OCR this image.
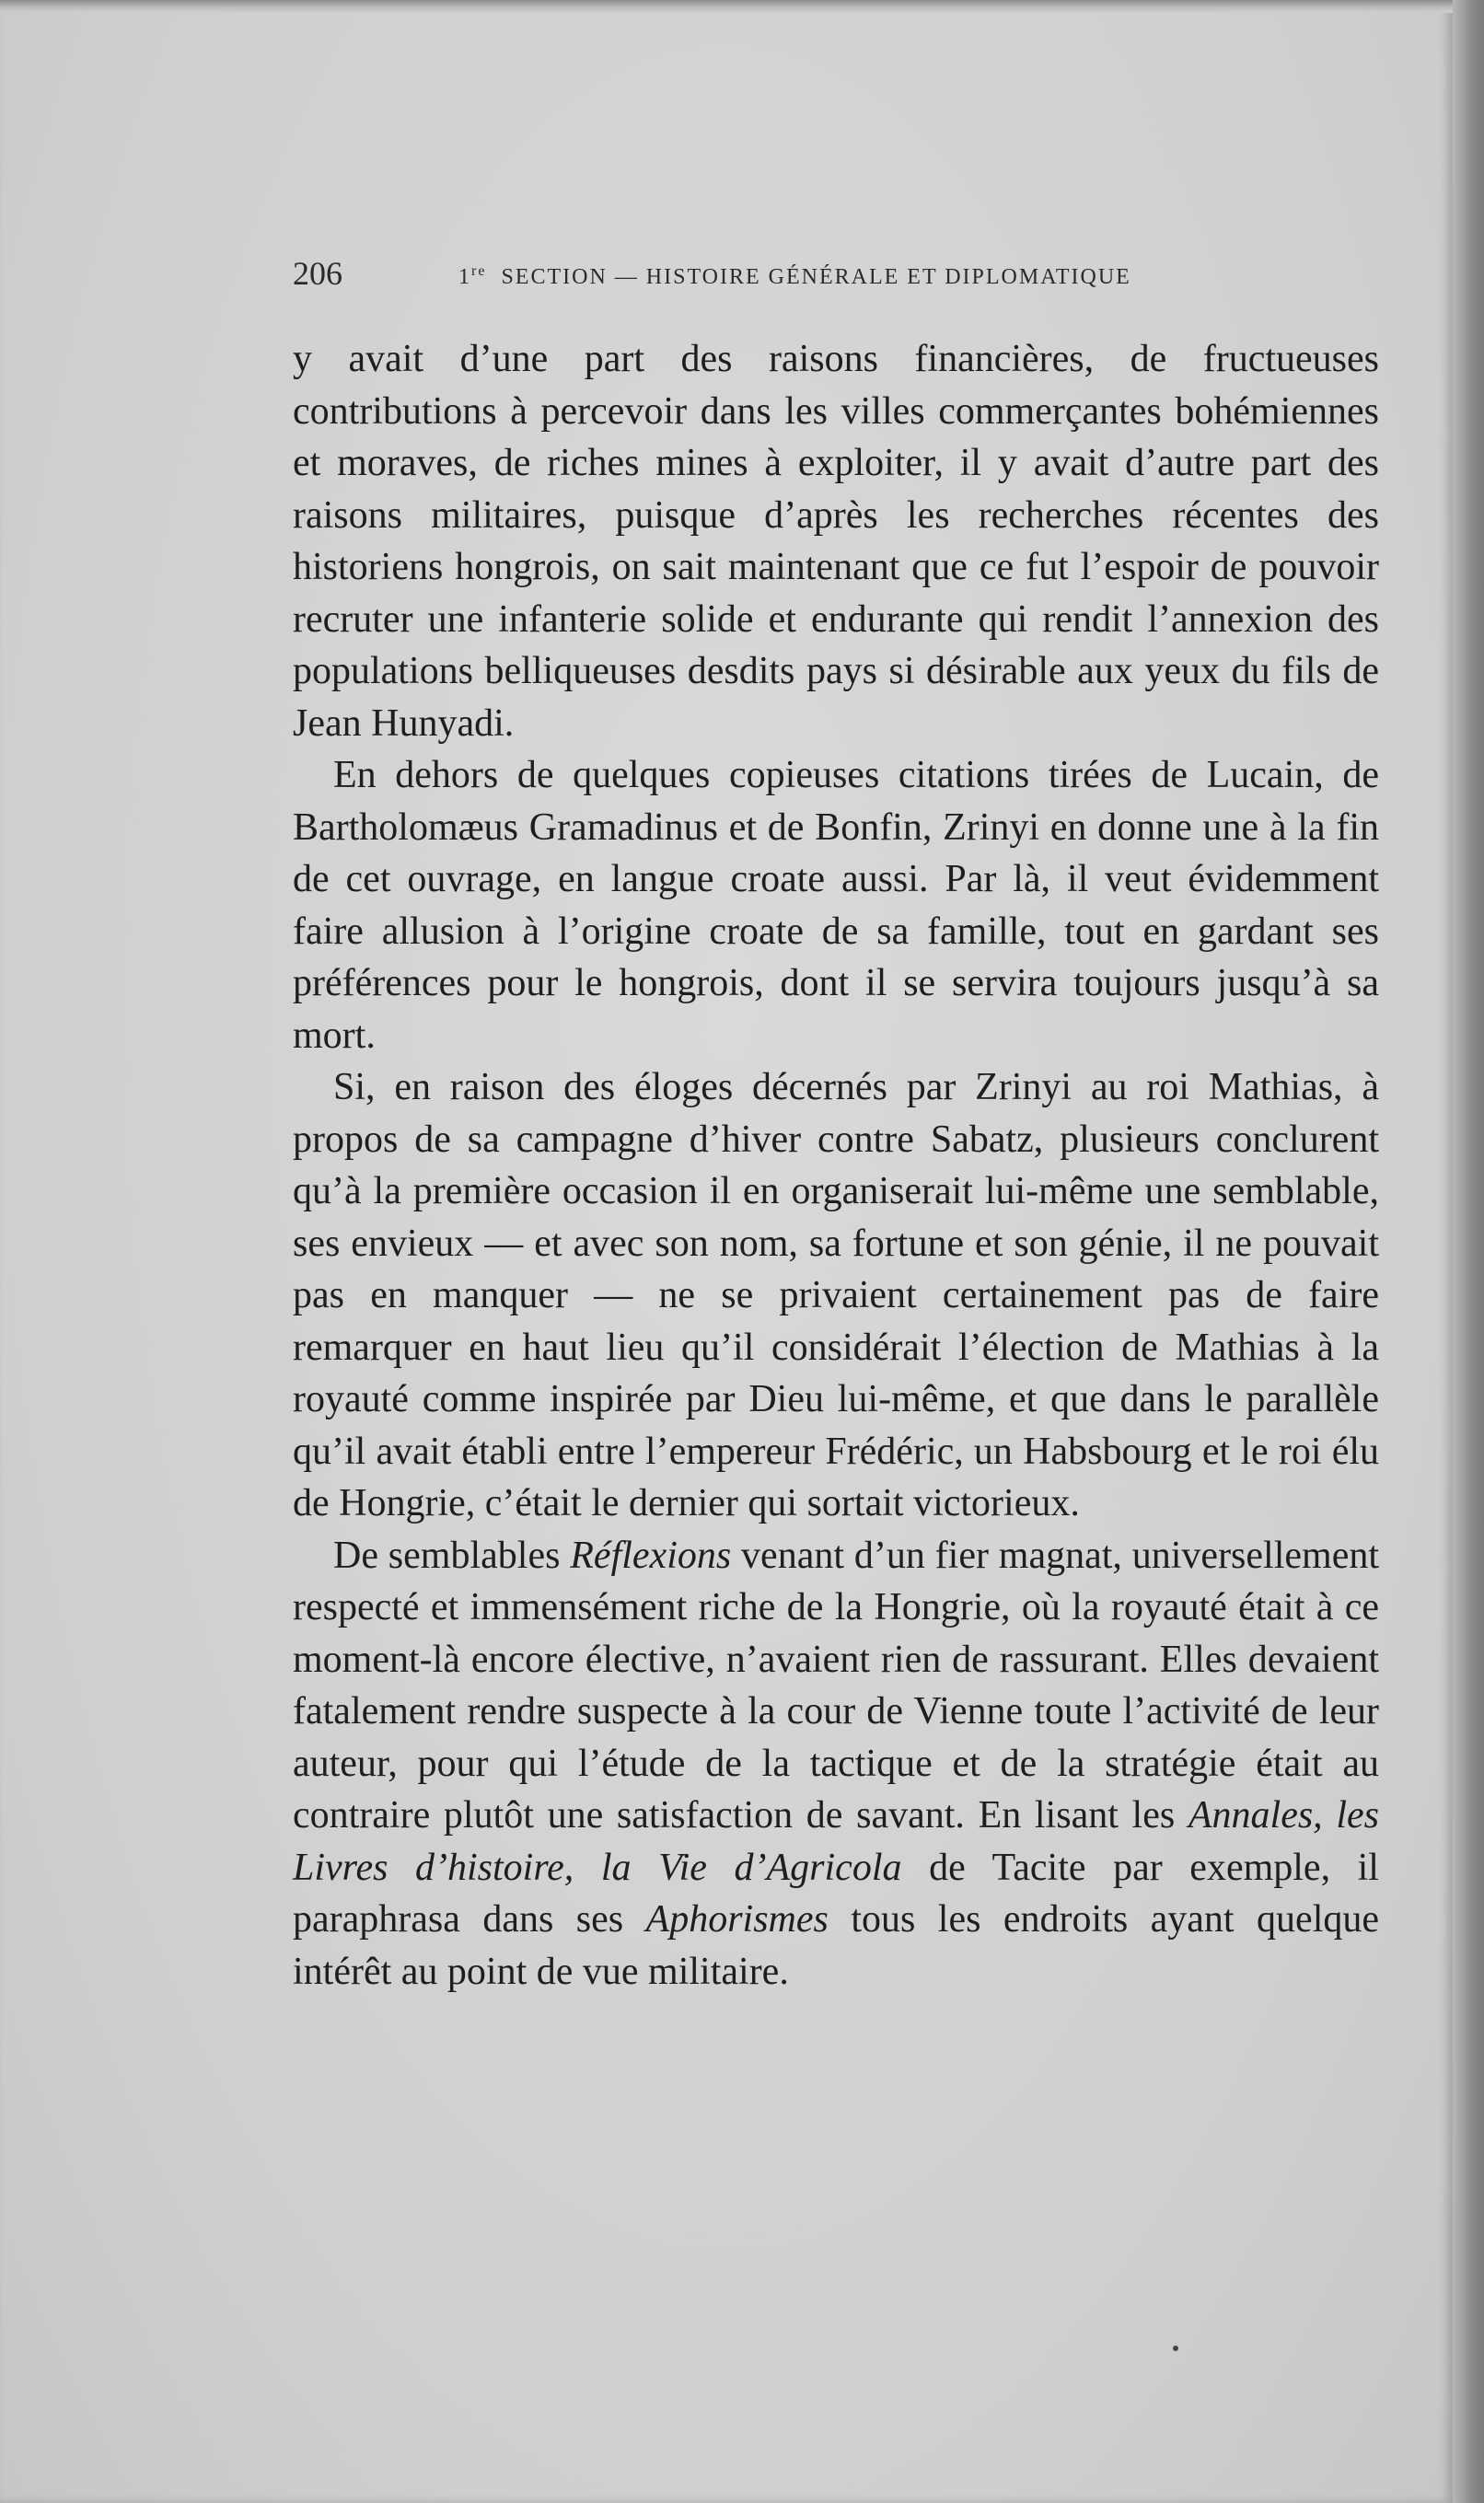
206	1re SECTION — HISTOIRE GÉNÉRALE ET DIPLOMATIQUE

y avait d’une part des raisons financières, de fructueuses contributions à percevoir dans les villes commerçantes bohémiennes et moraves, de riches mines à exploiter, il y avait d’autre part des raisons militaires, puisque d’après les recherches récentes des historiens hongrois, on sait maintenant que ce fut l’espoir de pouvoir recruter une infanterie solide et endurante qui rendit l’annexion des populations belliqueuses desdits pays si désirable aux yeux du fils de Jean Hunyadi.

En dehors de quelques copieuses citations tirées de Lucain, de Bartholomæus Gramadinus et de Bonfin, Zrinyi en donne une à la fin de cet ouvrage, en langue croate aussi. Par là, il veut évidemment faire allusion à l’origine croate de sa famille, tout en gardant ses préférences pour le hongrois, dont il se servira toujours jusqu’à sa mort.

Si, en raison des éloges décernés par Zrinyi au roi Mathias, à propos de sa campagne d’hiver contre Sabatz, plusieurs conclurent qu’à la première occasion il en organiserait lui-même une semblable, ses envieux — et avec son nom, sa fortune et son génie, il ne pouvait pas en manquer — ne se privaient certainement pas de faire remarquer en haut lieu qu’il considérait l’élection de Mathias à la royauté comme inspirée par Dieu lui-même, et que dans le parallèle qu’il avait établi entre l’empereur Frédéric, un Habsbourg et le roi élu de Hongrie, c’était le dernier qui sortait victorieux.

De semblables Réflexions venant d’un fier magnat, universellement respecté et immensément riche de la Hongrie, où la royauté était à ce moment-là encore élective, n’avaient rien de rassurant. Elles devaient fatalement rendre suspecte à la cour de Vienne toute l’activité de leur auteur, pour qui l’étude de la tactique et de la stratégie était au contraire plutôt une satisfaction de savant. En lisant les Annales, les Livres d’histoire, la Vie d’Agricola de Tacite par exemple, il paraphrasa dans ses Aphorismes tous les endroits ayant quelque intérêt au point de vue militaire.
